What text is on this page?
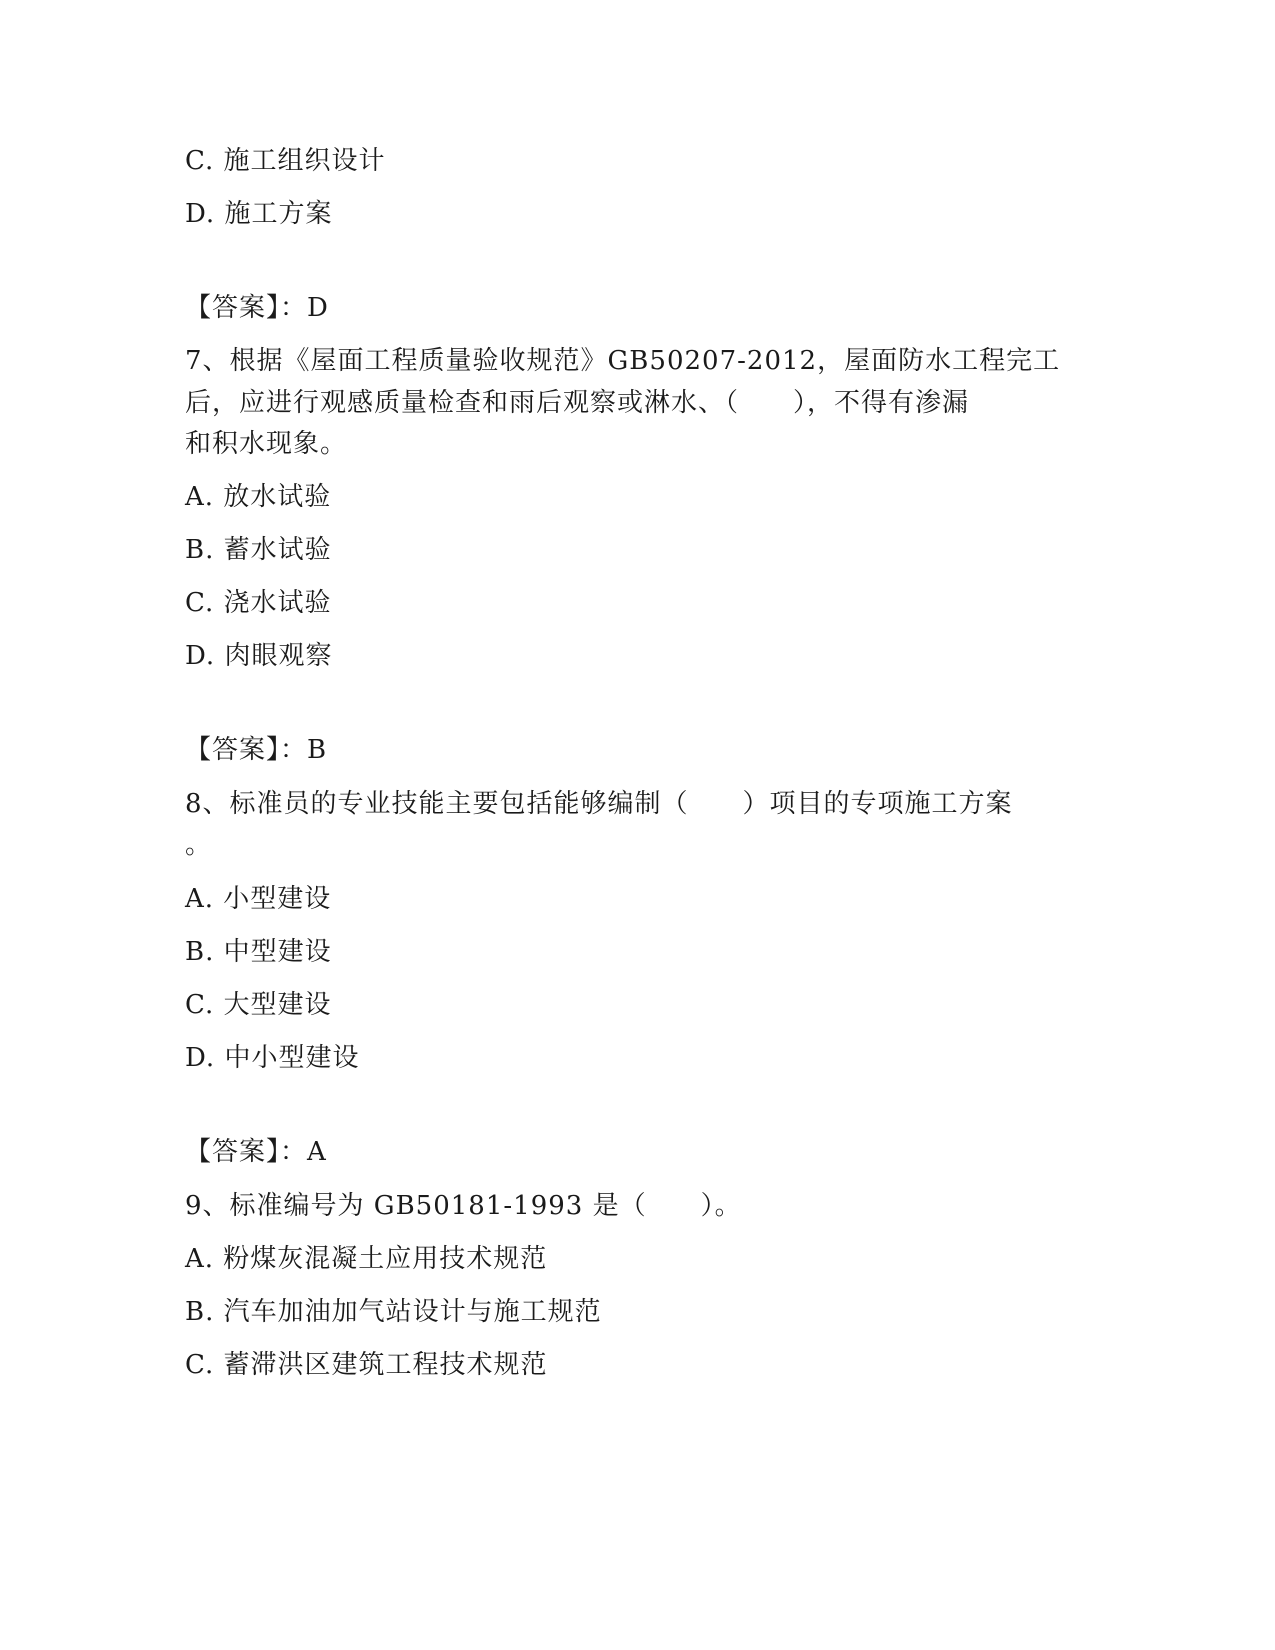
C. 施工组织设计
D. 施工方案
【答案】：D
7、根据《屋面工程质量验收规范》GB50207-2012，屋面防水工程完工
后，应进行观感质量检查和雨后观察或淋水、（　　），不得有渗漏
和积水现象。
A. 放水试验
B. 蓄水试验
C. 浇水试验
D. 肉眼观察
【答案】：B
8、标准员的专业技能主要包括能够编制（　　）项目的专项施工方案
。
A. 小型建设
B. 中型建设
C. 大型建设
D. 中小型建设
【答案】：A
9、标准编号为 GB50181-1993 是（　　）。
A. 粉煤灰混凝土应用技术规范
B. 汽车加油加气站设计与施工规范
C. 蓄滞洪区建筑工程技术规范
